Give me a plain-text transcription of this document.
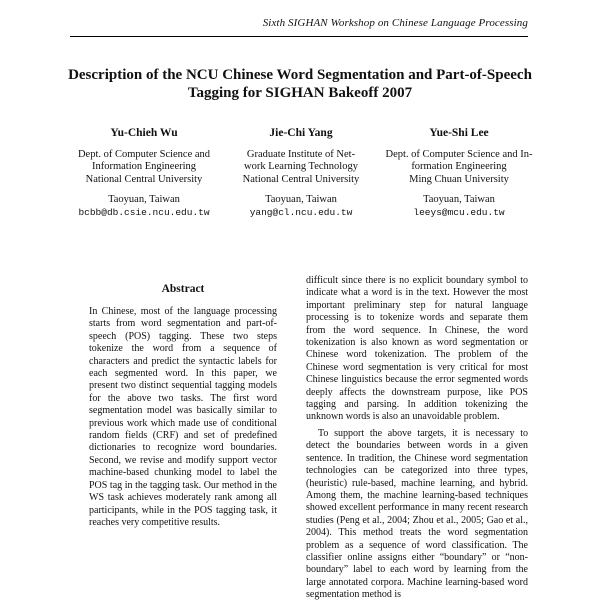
Sixth SIGHAN Workshop on Chinese Language Processing
Description of the NCU Chinese Word Segmentation and Part-of-Speech
Tagging for SIGHAN Bakeoff 2007
Yu-Chieh Wu
Dept. of Computer Science and
Information Engineering
National Central University
Taoyuan, Taiwan
bcbb@db.csie.ncu.edu.tw
Jie-Chi Yang
Graduate Institute of Net-
work Learning Technology
National Central University
Taoyuan, Taiwan
yang@cl.ncu.edu.tw
Yue-Shi Lee
Dept. of Computer Science and In-
formation Engineering
Ming Chuan University
Taoyuan, Taiwan
leeys@mcu.edu.tw
Abstract

In Chinese, most of the language processing starts from word segmentation and part-of-speech (POS) tagging. These two steps tokenize the word from a sequence of characters and predict the syntactic labels for each segmented word. In this paper, we present two distinct sequential tagging models for the above two tasks. The first word segmentation model was basically similar to previous work which made use of conditional random fields (CRF) and set of predefined dictionaries to recognize word boundaries. Second, we revise and modify support vector machine-based chunking model to label the POS tag in the tagging task. Our method in the WS task achieves moderately rank among all participants, while in the POS tagging task, it reaches very competitive results.

difficult since there is no explicit boundary symbol to indicate what a word is in the text. However the most important preliminary step for natural language processing is to tokenize words and separate them from the word sequence. In Chinese, the word tokenization is also known as word segmentation or Chinese word tokenization. The problem of the Chinese word segmentation is very critical for most Chinese linguistics because the error segmented words deeply affects the downstream purpose, like POS tagging and parsing. In addition tokenizing the unknown words is also an unavoidable problem.

To support the above targets, it is necessary to detect the boundaries between words in a given sentence. In tradition, the Chinese word segmentation technologies can be categorized into three types, (heuristic) rule-based, machine learning, and hybrid. Among them, the machine learning-based techniques showed excellent performance in many recent research studies (Peng et al., 2004; Zhou et al., 2005; Gao et al., 2004). This method treats the word segmentation problem as a sequence of word classification. The classifier online assigns either “boundary” or “non-boundary” label to each word by learning from the large annotated corpora. Machine learning-based word segmentation method is
